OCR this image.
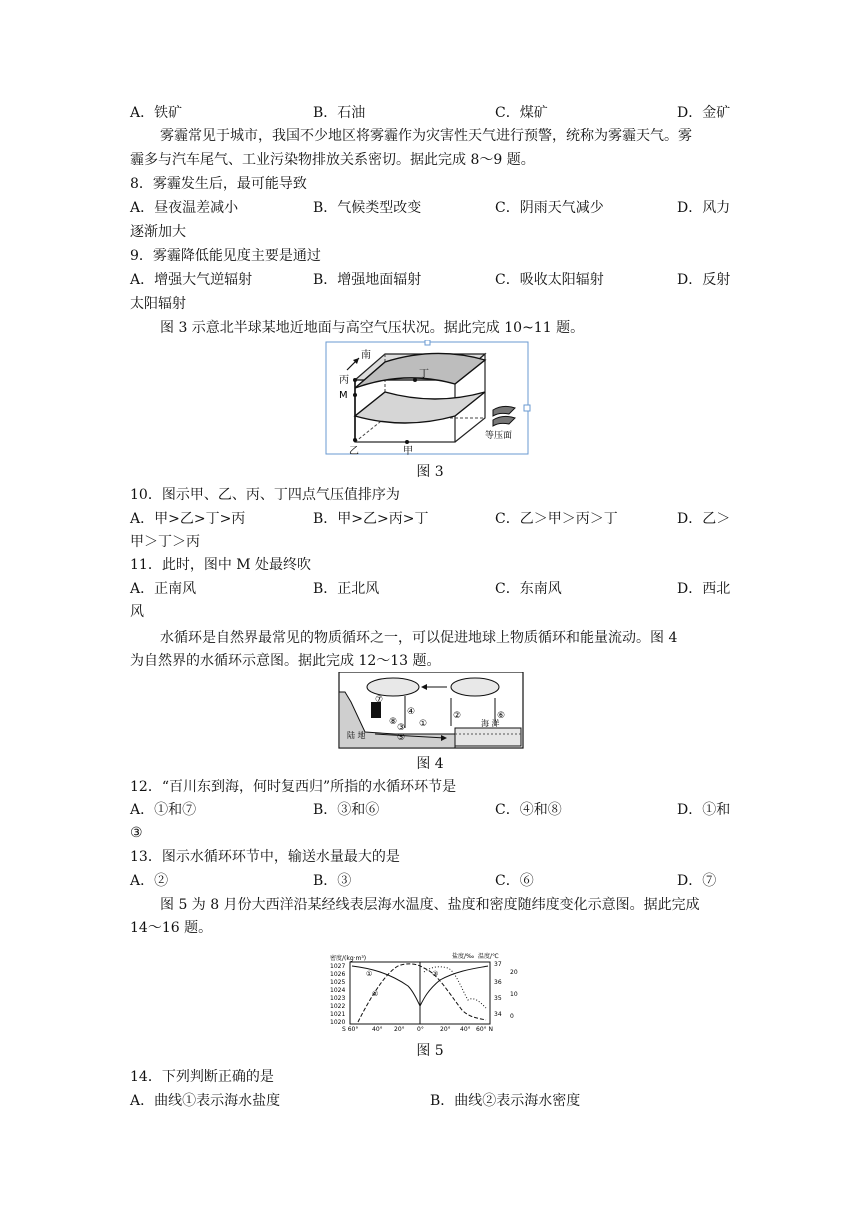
A．铁矿	B．石油	C．煤矿	D．金矿
雾霾常见于城市，我国不少地区将雾霾作为灾害性天气进行预警，统称为雾霾天气。雾
霾多与汽车尾气、工业污染物排放关系密切。据此完成 8～9 题。
8．雾霾发生后，最可能导致
A．昼夜温差减小	B．气候类型改变	C．阴雨天气减少	D．风力
逐渐加大
9．雾霾降低能见度主要是通过
A．增强大气逆辐射	B．增强地面辐射	C．吸收太阳辐射	D．反射
太阳辐射
图 3 示意北半球某地近地面与高空气压状况。据此完成 10~11 题。
南
丙
丁
M
乙	甲
等压面
图 3
10．图示甲、乙、丙、丁四点气压值排序为
A．甲>乙>丁>丙	B．甲>乙>丙>丁	C．乙＞甲＞丙＞丁	D．乙＞
甲＞丁＞丙
11．此时，图中 M 处最终吹
A．正南风	B．正北风	C．东南风	D．西北
风
水循环是自然界最常见的物质循环之一，可以促进地球上物质循环和能量流动。图 4
为自然界的水循环示意图。据此完成 12～13 题。
⑦
④	②	⑥
⑧ ①
③
⑤
陆 地
海 洋
图 4
12．“百川东到海，何时复西归”所指的水循环环节是
A．①和⑦	B．③和⑥	C．④和⑧	D．①和
③
13．图示水循环环节中，输送水量最大的是
A．②	B．③	C．⑥	D．⑦
图 5 为 8 月份大西洋沿某经线表层海水温度、盐度和密度随纬度变化示意图。据此完成
14～16 题。
密度/(kg·m³)	盐度/‰ 温度/℃
1027
1026
1025
1024
1023
1022
1021
1020
37
36
35
34
20
10
0
S 60° 40° 20° 0°	20° 40° 60° N
①
②
③
图 5
14．下列判断正确的是
A．曲线①表示海水盐度	B．曲线②表示海水密度
